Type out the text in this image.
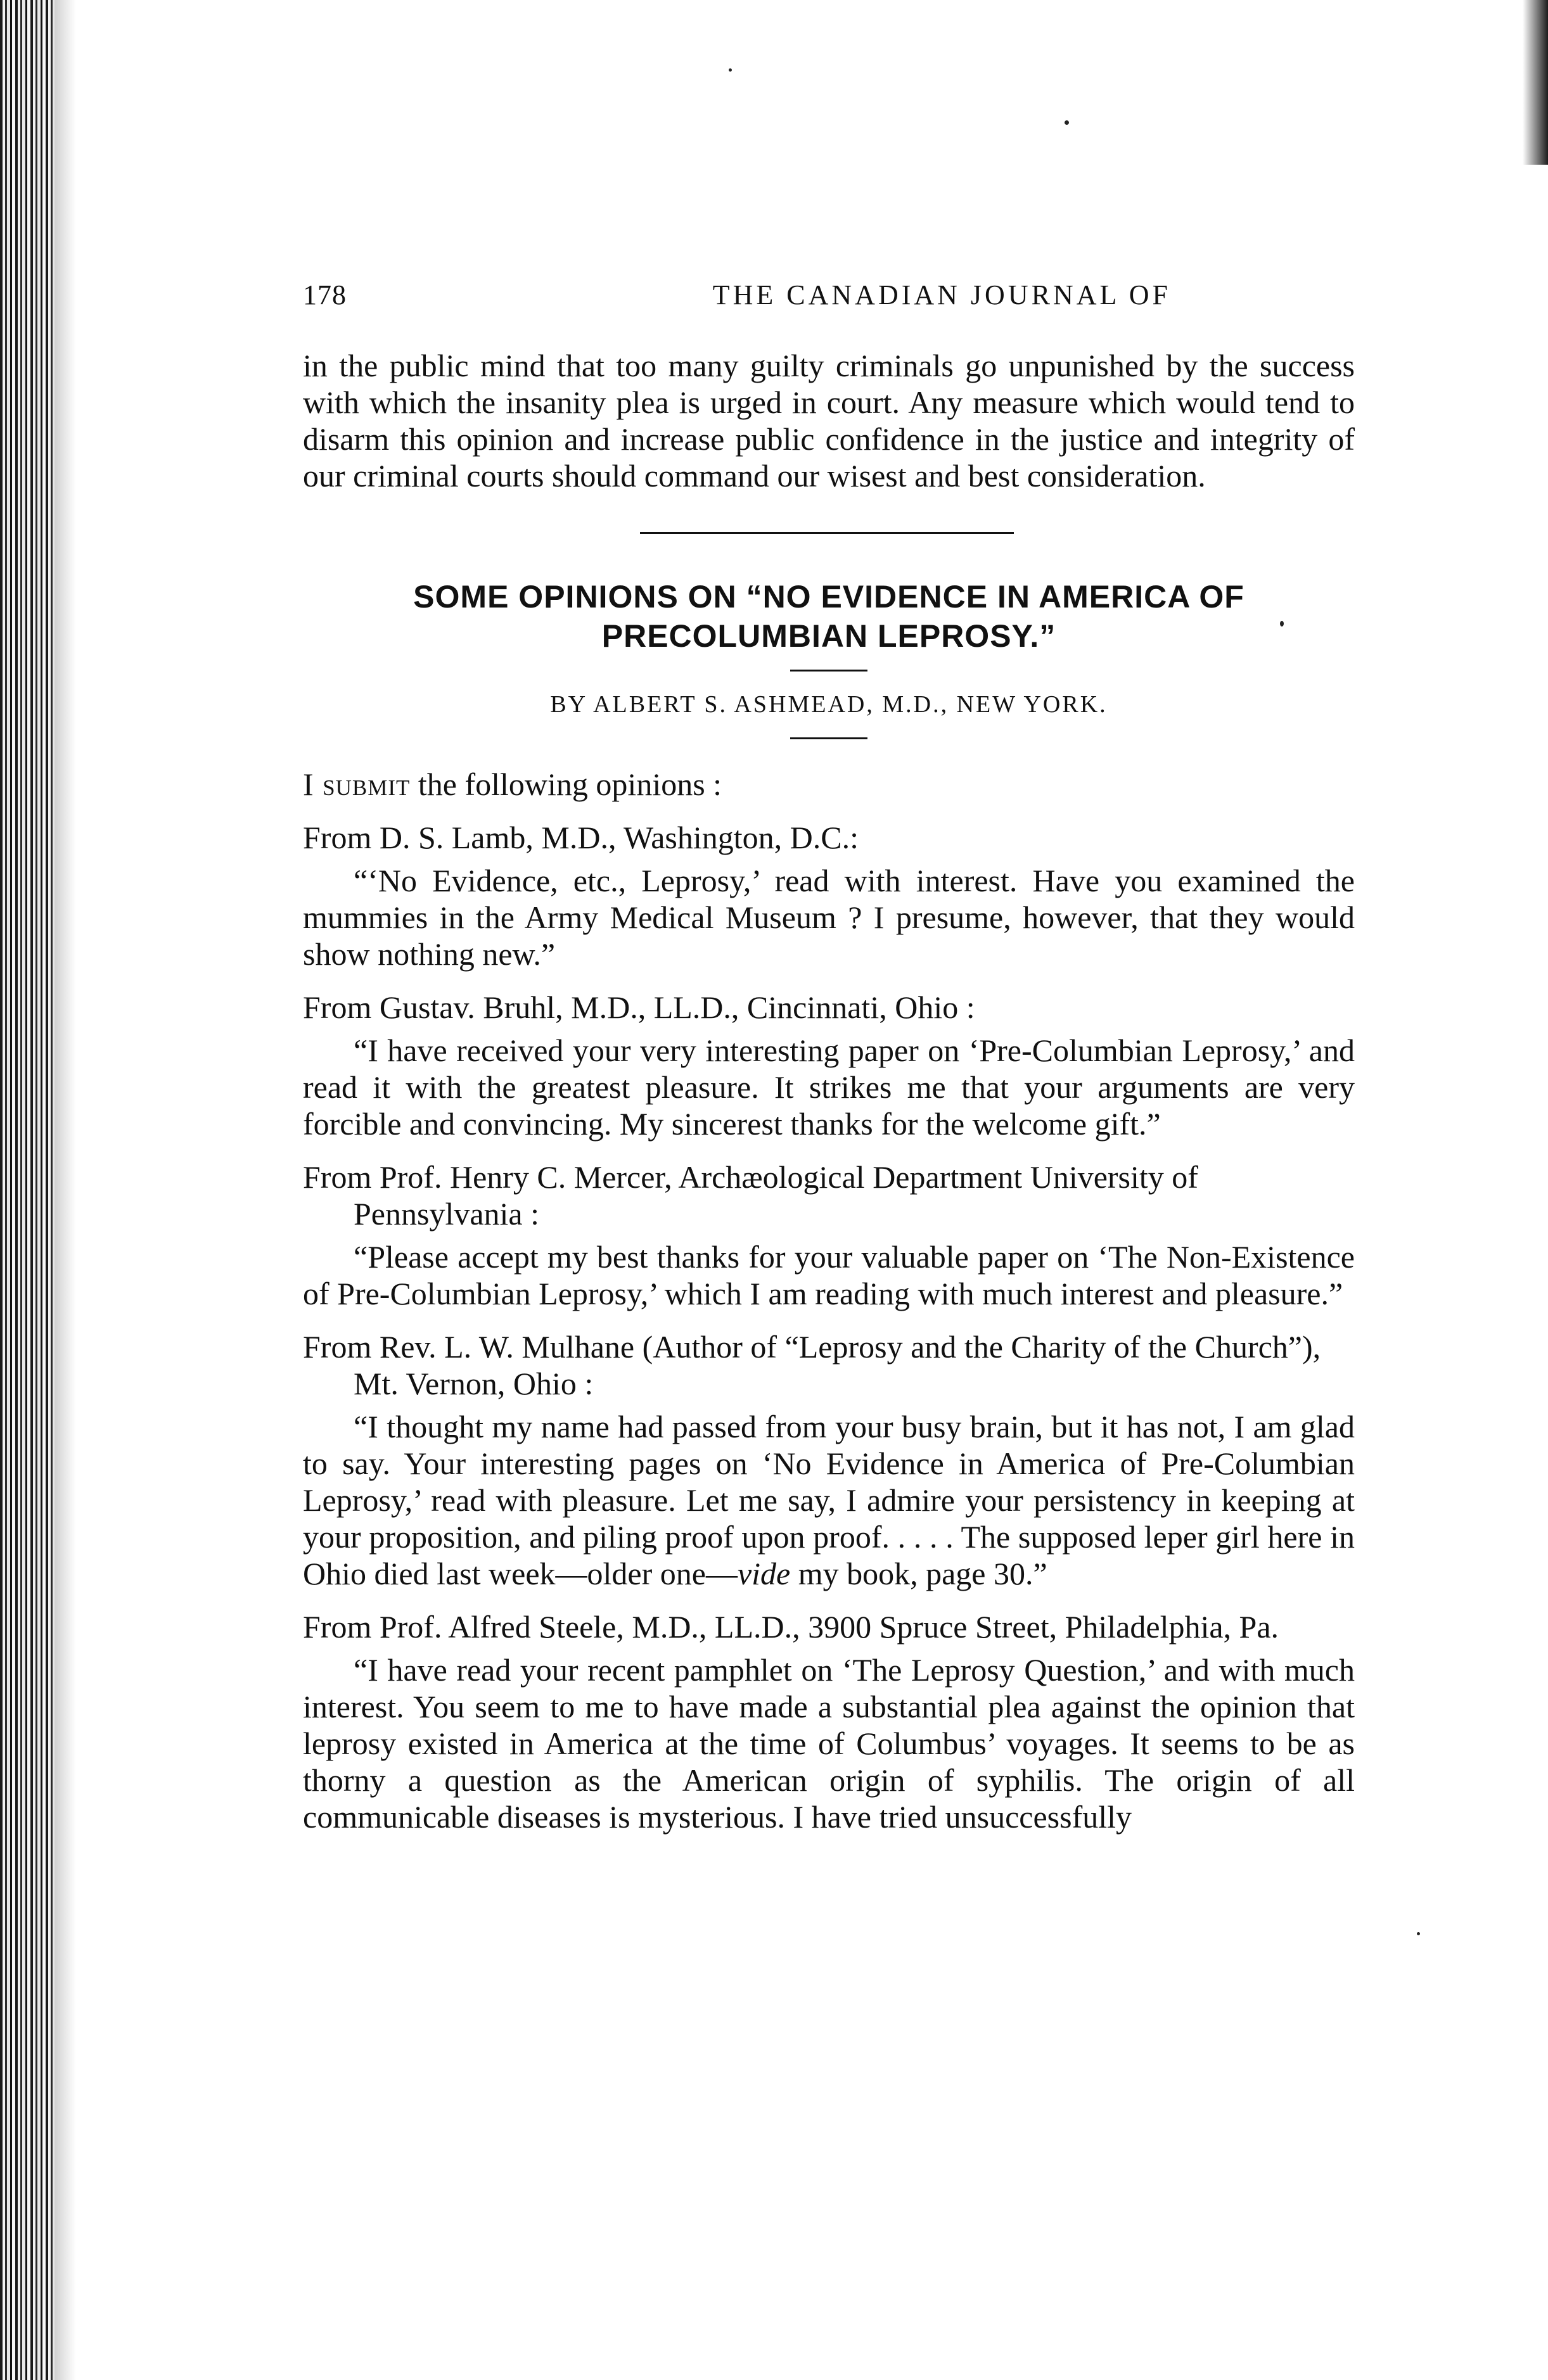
178	THE CANADIAN JOURNAL OF

in the public mind that too many guilty criminals go unpunished by the success with which the insanity plea is urged in court. Any measure which would tend to disarm this opinion and increase public confidence in the justice and integrity of our criminal courts should command our wisest and best consideration.

SOME OPINIONS ON “NO EVIDENCE IN AMERICA OF
PRECOLUMBIAN LEPROSY.”
BY ALBERT S. ASHMEAD, M.D., NEW YORK.

I submit the following opinions :

From D. S. Lamb, M.D., Washington, D.C.:

“‘No Evidence, etc., Leprosy,’ read with interest. Have you examined the mummies in the Army Medical Museum ? I presume, however, that they would show nothing new.”

From Gustav. Bruhl, M.D., LL.D., Cincinnati, Ohio :

“I have received your very interesting paper on ‘Pre-Columbian Leprosy,’ and read it with the greatest pleasure. It strikes me that your arguments are very forcible and convincing. My sincerest thanks for the welcome gift.”

From Prof. Henry C. Mercer, Archæological Department University of Pennsylvania :

“Please accept my best thanks for your valuable paper on ‘The Non-Existence of Pre-Columbian Leprosy,’ which I am reading with much interest and pleasure.”

From Rev. L. W. Mulhane (Author of “Leprosy and the Charity of the Church”), Mt. Vernon, Ohio :

“I thought my name had passed from your busy brain, but it has not, I am glad to say. Your interesting pages on ‘No Evidence in America of Pre-Columbian Leprosy,’ read with pleasure. Let me say, I admire your persistency in keeping at your proposition, and piling proof upon proof. . . . . The supposed leper girl here in Ohio died last week—older one—vide my book, page 30.”

From Prof. Alfred Steele, M.D., LL.D., 3900 Spruce Street, Philadelphia, Pa.

“I have read your recent pamphlet on ‘The Leprosy Question,’ and with much interest. You seem to me to have made a substantial plea against the opinion that leprosy existed in America at the time of Columbus’ voyages. It seems to be as thorny a question as the American origin of syphilis. The origin of all communicable diseases is mysterious. I have tried unsuccessfully
